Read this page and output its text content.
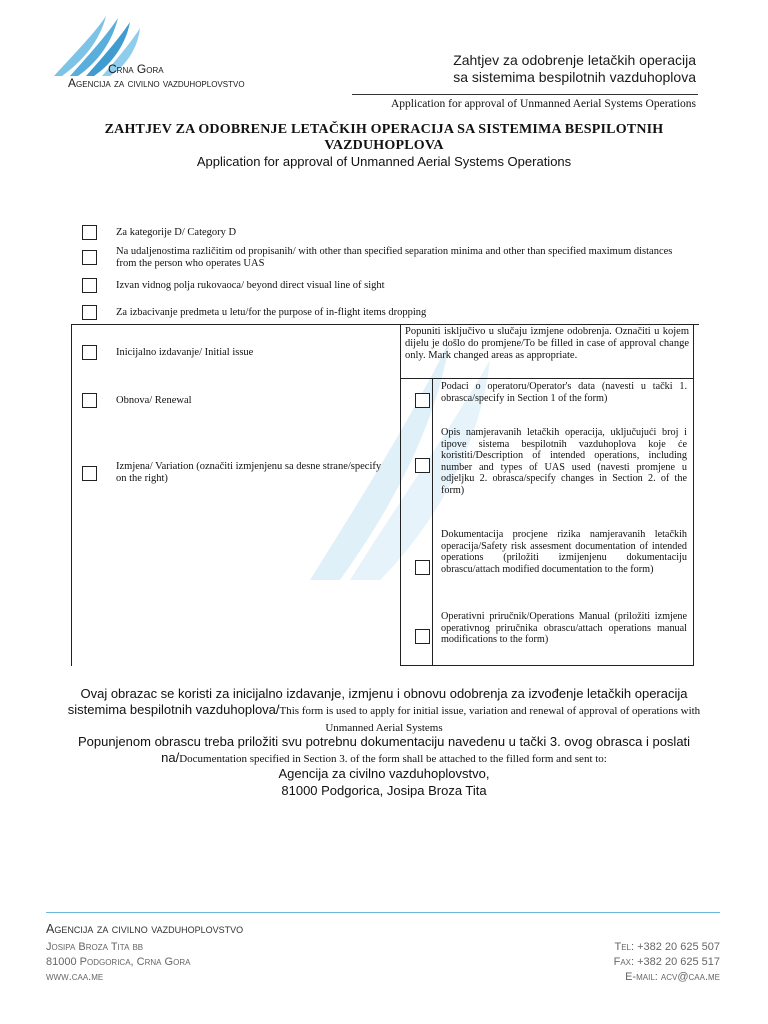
Crna Gora
Agencija za civilno vazduhoplovstvo
Zahtjev za odobrenje letačkih operacija
sa sistemima bespilotnih vazduhoplova
Application for approval of Unmanned Aerial Systems Operations
ZAHTJEV ZA ODOBRENJE LETAČKIH OPERACIJA SA SISTEMIMA BESPILOTNIH VAZDUHOPLOVA
Application for approval of Unmanned Aerial Systems Operations
Za kategorije D/ Category D
Na udaljenostima različitim od propisanih/ with other than specified separation minima and other than specified maximum distances from the person who operates UAS
Izvan vidnog polja rukovaoca/ beyond direct visual line of sight
Za izbacivanje predmeta u letu/for the purpose of in-flight items dropping
Inicijalno izdavanje/ Initial issue
Obnova/ Renewal
Izmjena/ Variation (označiti izmjenjenu sa desne strane/specify on the right)
Popuniti isključivo u slučaju izmjene odobrenja. Označiti u kojem dijelu je došlo do promjene/To be filled in case of approval change only. Mark changed areas as appropriate.
Podaci o operatoru/Operator's data (navesti u tački 1. obrasca/specify in Section 1 of the form)
Opis namjeravanih letačkih operacija, uključujući broj i tipove sistema bespilotnih vazduhoplova koje će koristiti/Description of intended operations, including number and types of UAS used (navesti promjene u odjeljku 2. obrasca/specify changes in Section 2. of the form)
Dokumentacija procjene rizika namjeravanih letačkih operacija/Safety risk assesment documentation of intended operations (priložiti izmijenjenu dokumentaciju obrascu/attach modified documentation to the form)
Operativni priručnik/Operations Manual (priložiti izmjene operativnog priručnika obrascu/attach operations manual modifications to the form)
Ovaj obrazac se koristi za inicijalno izdavanje, izmjenu i obnovu odobrenja za izvođenje letačkih operacija sistemima bespilotnih vazduhoplova/This form is used to apply for initial issue, variation and renewal of approval of operations with Unmanned Aerial Systems
Popunjenom obrascu treba priložiti svu potrebnu dokumentaciju navedenu u tački 3. ovog obrasca i poslati na/Documentation specified in Section 3. of the form shall be attached to the filled form and sent to:
Agencija za civilno vazduhoplovstvo,
81000 Podgorica, Josipa Broza Tita
Agencija za civilno vazduhoplovstvo
Josipa Broza Tita bb
81000 Podgorica, Crna Gora
www.caa.me
Tel: +382 20 625 507
Fax: +382 20 625 517
E-mail: acv@caa.me
